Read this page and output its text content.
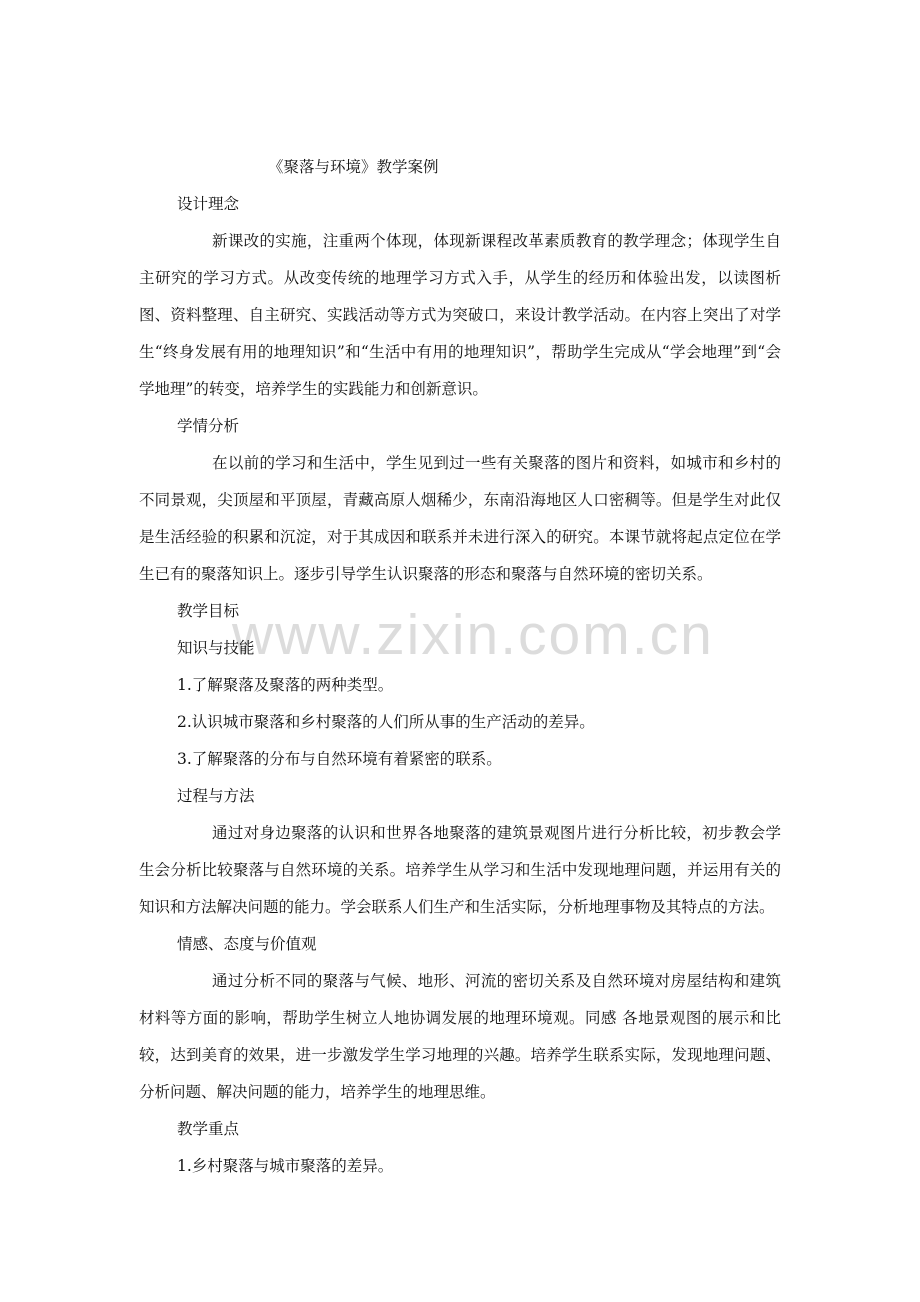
www.zixin.com.cn
《聚落与环境》教学案例

设计理念

新课改的实施，注重两个体现，体现新课程改革素质教育的教学理念；体现学生自主研究的学习方式。从改变传统的地理学习方式入手，从学生的经历和体验出发，以读图析图、资料整理、自主研究、实践活动等方式为突破口，来设计教学活动。在内容上突出了对学生“终身发展有用的地理知识”和“生活中有用的地理知识”，帮助学生完成从“学会地理”到“会学地理”的转变，培养学生的实践能力和创新意识。

学情分析

在以前的学习和生活中，学生见到过一些有关聚落的图片和资料，如城市和乡村的不同景观，尖顶屋和平顶屋，青藏高原人烟稀少，东南沿海地区人口密稠等。但是学生对此仅是生活经验的积累和沉淀，对于其成因和联系并未进行深入的研究。本课节就将起点定位在学生已有的聚落知识上。逐步引导学生认识聚落的形态和聚落与自然环境的密切关系。

教学目标

知识与技能

1.了解聚落及聚落的两种类型。

2.认识城市聚落和乡村聚落的人们所从事的生产活动的差异。

3.了解聚落的分布与自然环境有着紧密的联系。

过程与方法

通过对身边聚落的认识和世界各地聚落的建筑景观图片进行分析比较，初步教会学生会分析比较聚落与自然环境的关系。培养学生从学习和生活中发现地理问题，并运用有关的知识和方法解决问题的能力。学会联系人们生产和生活实际，分析地理事物及其特点的方法。

情感、态度与价值观

通过分析不同的聚落与气候、地形、河流的密切关系及自然环境对房屋结构和建筑材料等方面的影响，帮助学生树立人地协调发展的地理环境观。同感 各地景观图的展示和比较，达到美育的效果，进一步激发学生学习地理的兴趣。培养学生联系实际，发现地理问题、分析问题、解决问题的能力，培养学生的地理思维。

教学重点

1.乡村聚落与城市聚落的差异。
